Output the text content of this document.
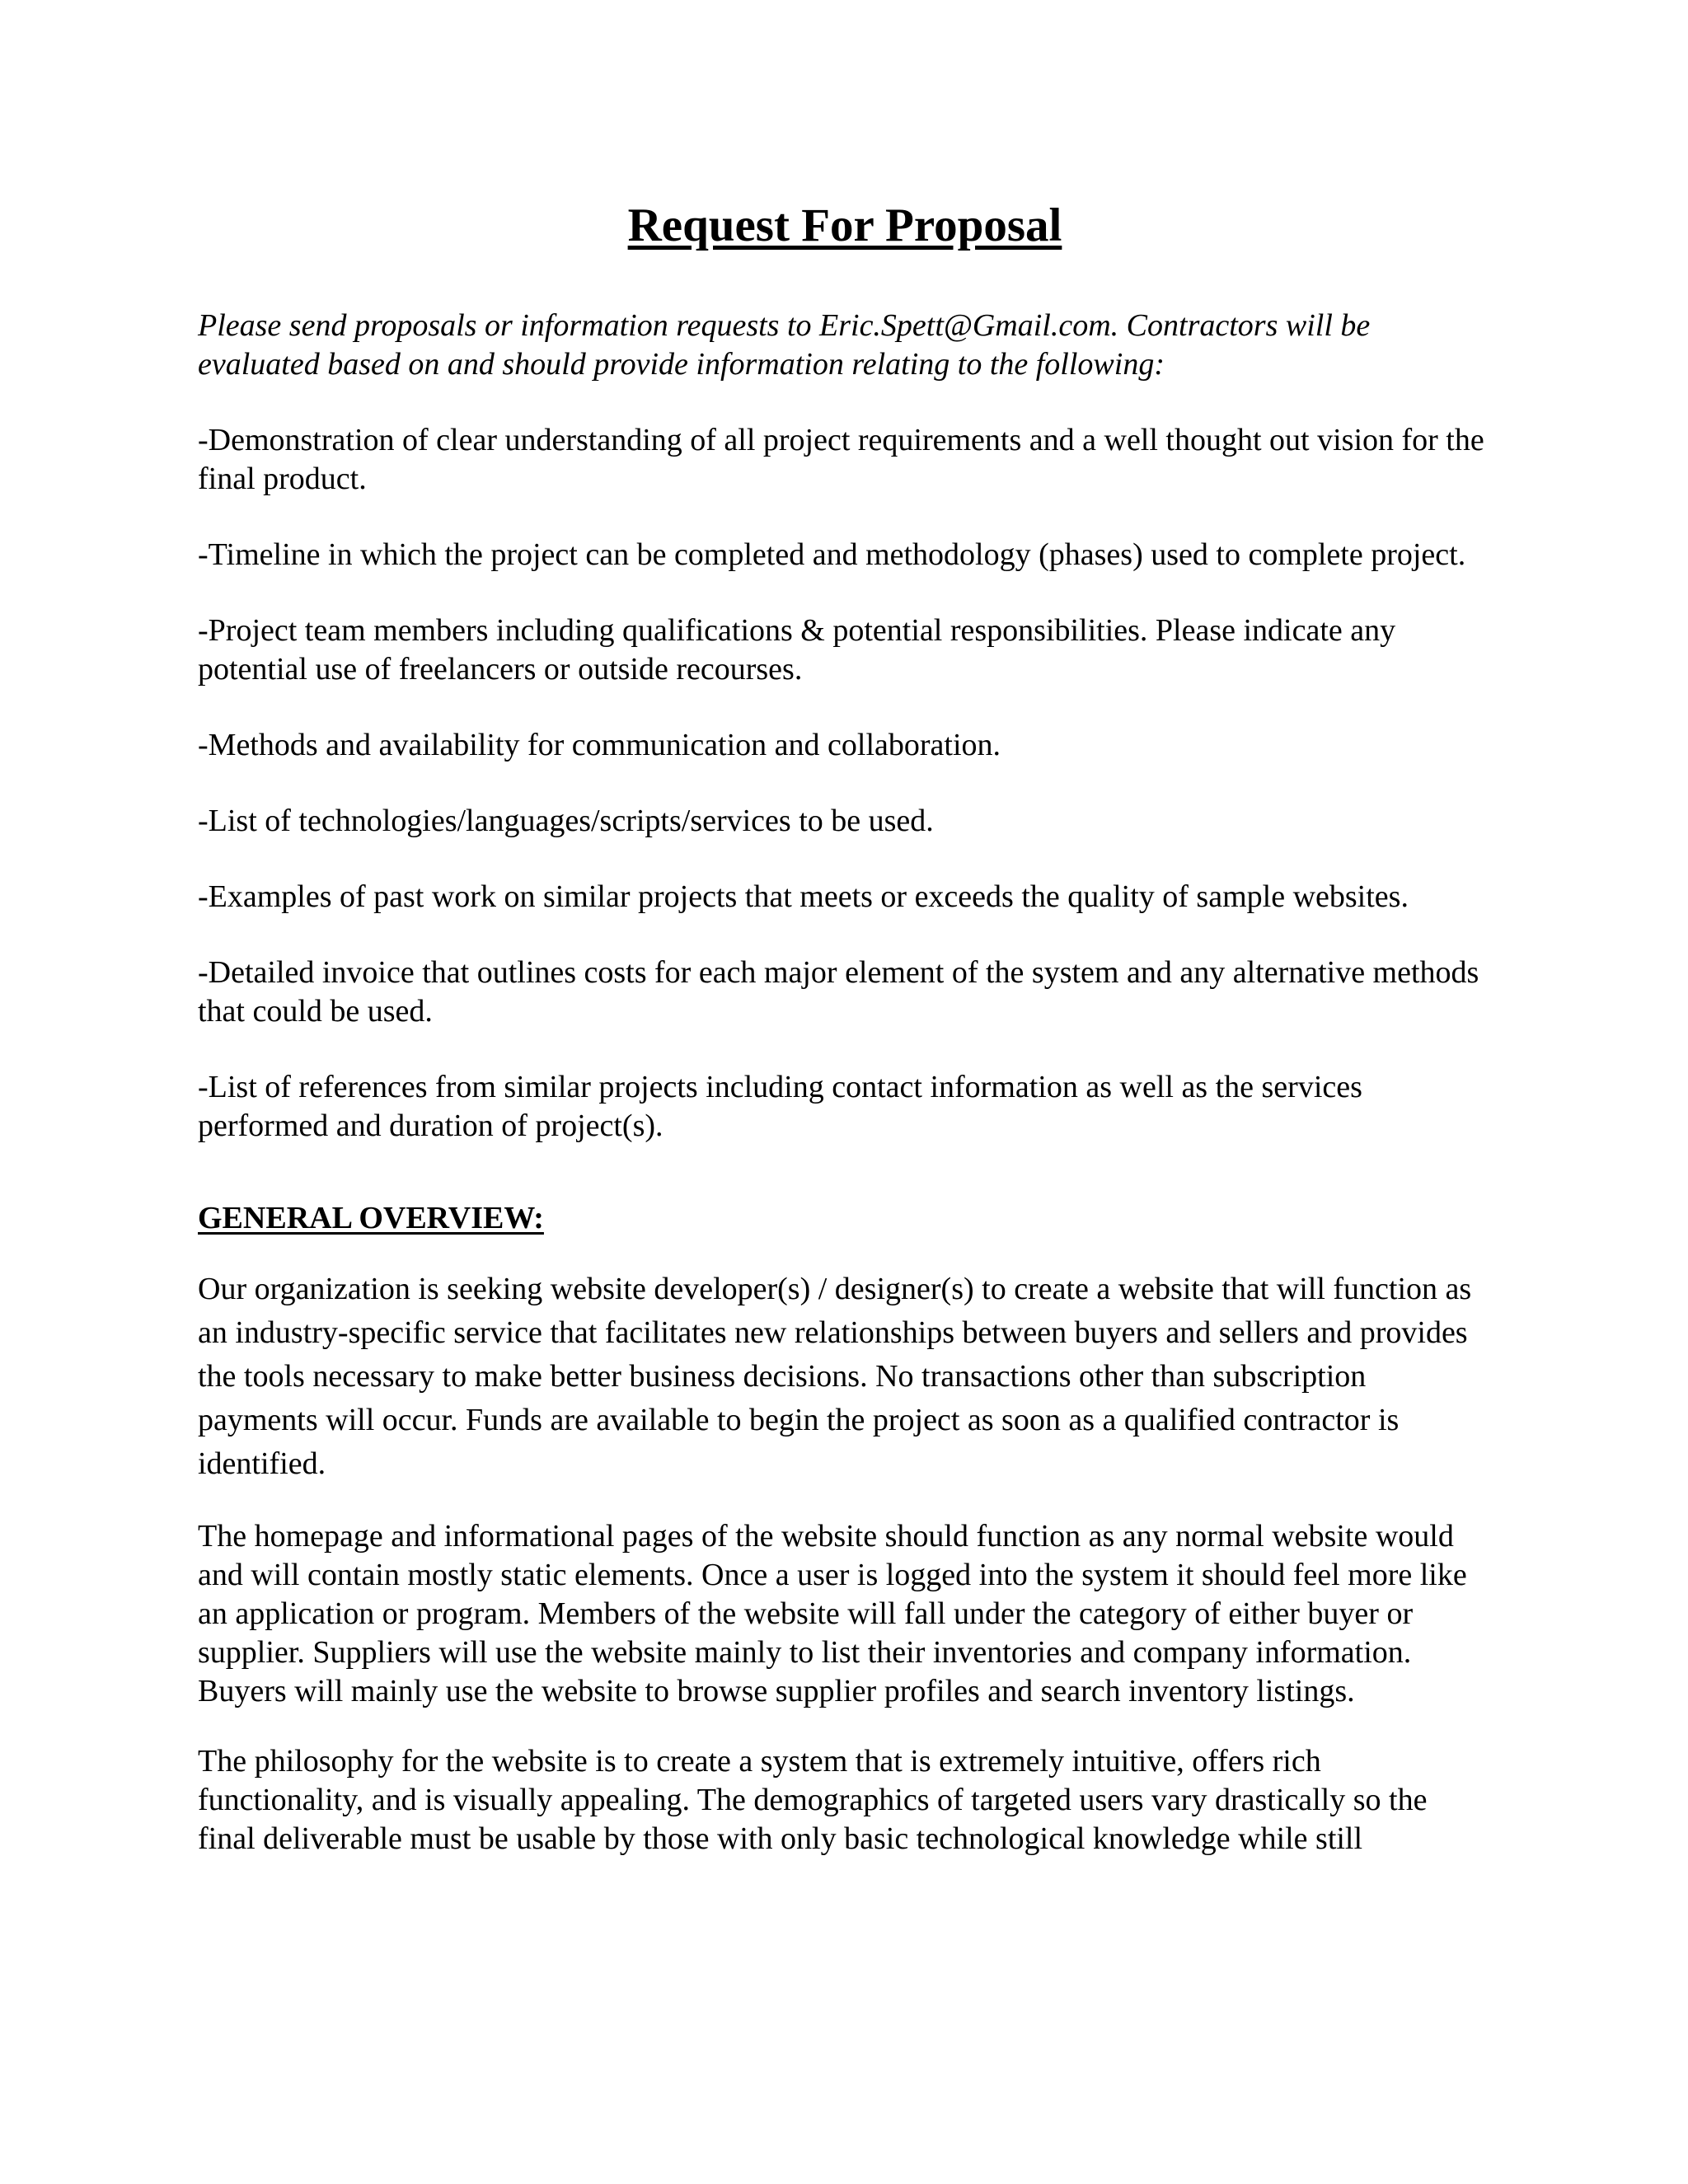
Request For Proposal

Please send proposals or information requests to Eric.Spett@Gmail.com. Contractors will be evaluated based on and should provide information relating to the following:

-Demonstration of clear understanding of all project requirements and a well thought out vision for the final product.
-Timeline in which the project can be completed and methodology (phases) used to complete project.
-Project team members including qualifications & potential responsibilities. Please indicate any potential use of freelancers or outside recourses.
-Methods and availability for communication and collaboration.
-List of technologies/languages/scripts/services to be used.
-Examples of past work on similar projects that meets or exceeds the quality of sample websites.
-Detailed invoice that outlines costs for each major element of the system and any alternative methods that could be used.
-List of references from similar projects including contact information as well as the services performed and duration of project(s).
GENERAL OVERVIEW:

Our organization is seeking website developer(s) / designer(s) to create a website that will function as an industry-specific service that facilitates new relationships between buyers and sellers and provides the tools necessary to make better business decisions. No transactions other than subscription payments will occur. Funds are available to begin the project as soon as a qualified contractor is identified.

The homepage and informational pages of the website should function as any normal website would and will contain mostly static elements. Once a user is logged into the system it should feel more like an application or program. Members of the website will fall under the category of either buyer or supplier. Suppliers will use the website mainly to list their inventories and company information. Buyers will mainly use the website to browse supplier profiles and search inventory listings.

The philosophy for the website is to create a system that is extremely intuitive, offers rich functionality, and is visually appealing. The demographics of targeted users vary drastically so the final deliverable must be usable by those with only basic technological knowledge while still
